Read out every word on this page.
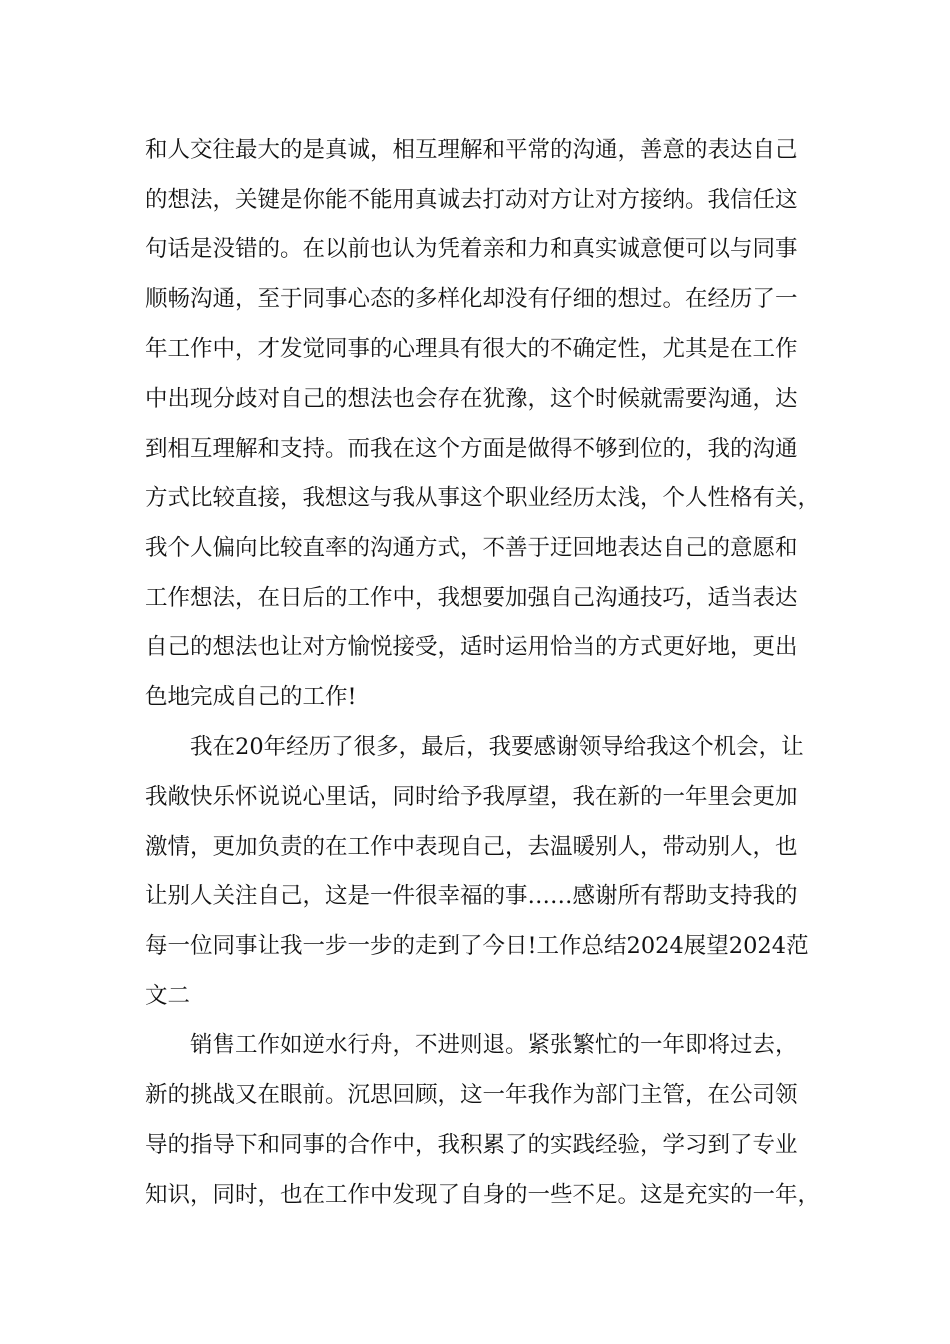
和人交往最大的是真诚，相互理解和平常的沟通，善意的表达自己
的想法，关键是你能不能用真诚去打动对方让对方接纳。我信任这
句话是没错的。在以前也认为凭着亲和力和真实诚意便可以与同事
顺畅沟通，至于同事心态的多样化却没有仔细的想过。在经历了一
年工作中，才发觉同事的心理具有很大的不确定性，尤其是在工作
中出现分歧对自己的想法也会存在犹豫，这个时候就需要沟通，达
到相互理解和支持。而我在这个方面是做得不够到位的，我的沟通
方式比较直接，我想这与我从事这个职业经历太浅，个人性格有关，
我个人偏向比较直率的沟通方式，不善于迂回地表达自己的意愿和
工作想法，在日后的工作中，我想要加强自己沟通技巧，适当表达
自己的想法也让对方愉悦接受，适时运用恰当的方式更好地，更出
色地完成自己的工作!
我在20年经历了很多，最后，我要感谢领导给我这个机会，让
我敞快乐怀说说心里话，同时给予我厚望，我在新的一年里会更加
激情，更加负责的在工作中表现自己，去温暖别人，带动别人，也
让别人关注自己，这是一件很幸福的事……感谢所有帮助支持我的
每一位同事让我一步一步的走到了今日!工作总结2024展望2024范
文二
销售工作如逆水行舟，不进则退。紧张繁忙的一年即将过去，
新的挑战又在眼前。沉思回顾，这一年我作为部门主管，在公司领
导的指导下和同事的合作中，我积累了的实践经验，学习到了专业
知识，同时，也在工作中发现了自身的一些不足。这是充实的一年，
